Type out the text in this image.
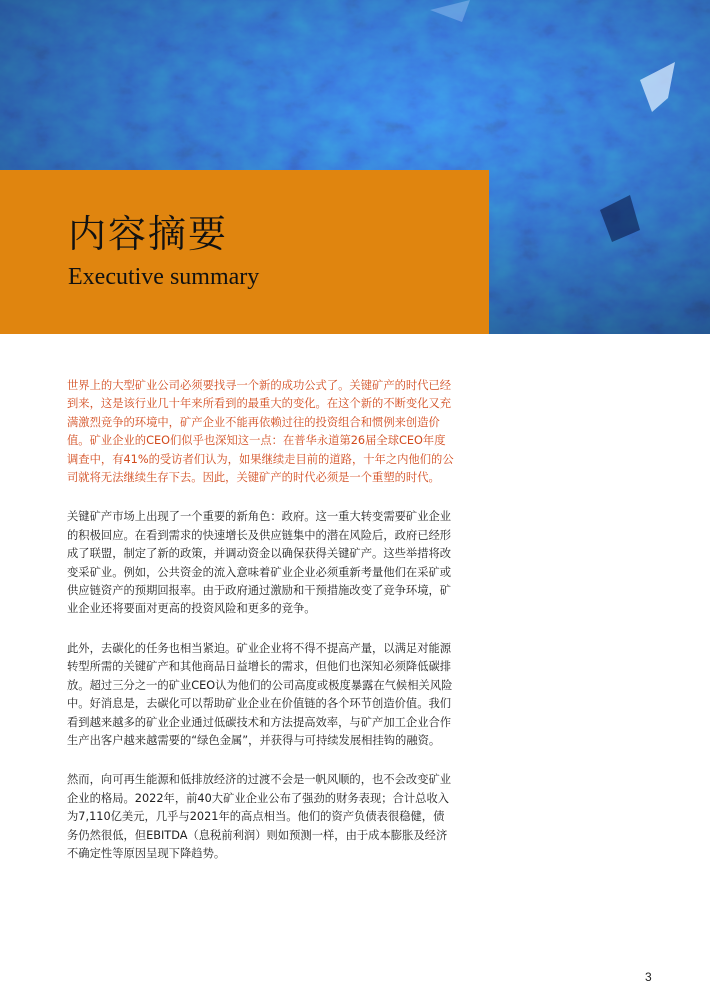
内容摘要
Executive summary

世界上的大型矿业公司必须要找寻一个新的成功公式了。关键矿产的时代已经到来，这是该行业几十年来所看到的最重大的变化。在这个新的不断变化又充满激烈竞争的环境中，矿产企业不能再依赖过往的投资组合和惯例来创造价值。矿业企业的CEO们似乎也深知这一点：在普华永道第26届全球CEO年度调查中，有41%的受访者们认为，如果继续走目前的道路，十年之内他们的公司就将无法继续生存下去。因此，关键矿产的时代必须是一个重塑的时代。

关键矿产市场上出现了一个重要的新角色：政府。这一重大转变需要矿业企业的积极回应。在看到需求的快速增长及供应链集中的潜在风险后，政府已经形成了联盟，制定了新的政策，并调动资金以确保获得关键矿产。这些举措将改变采矿业。例如，公共资金的流入意味着矿业企业必须重新考量他们在采矿或供应链资产的预期回报率。由于政府通过激励和干预措施改变了竞争环境，矿业企业还将要面对更高的投资风险和更多的竞争。

此外，去碳化的任务也相当紧迫。矿业企业将不得不提高产量，以满足对能源转型所需的关键矿产和其他商品日益增长的需求，但他们也深知必须降低碳排放。超过三分之一的矿业CEO认为他们的公司高度或极度暴露在气候相关风险中。好消息是，去碳化可以帮助矿业企业在价值链的各个环节创造价值。我们看到越来越多的矿业企业通过低碳技术和方法提高效率，与矿产加工企业合作生产出客户越来越需要的“绿色金属”，并获得与可持续发展相挂钩的融资。

然而，向可再生能源和低排放经济的过渡不会是一帆风顺的，也不会改变矿业企业的格局。2022年，前40大矿业企业公布了强劲的财务表现；合计总收入为7,110亿美元，几乎与2021年的高点相当。他们的资产负债表很稳健，债务仍然很低，但EBITDA（息税前利润）则如预测一样，由于成本膨胀及经济不确定性等原因呈现下降趋势。

3
